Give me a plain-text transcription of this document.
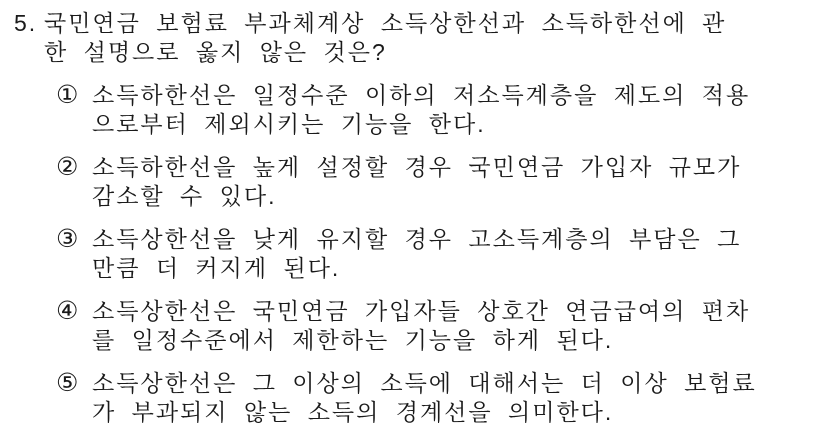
5. 국민연금 보험료 부과체계상 소득상한선과 소득하한선에 관
한 설명으로 옳지 않은 것은?
① 소득하한선은 일정수준 이하의 저소득계층을 제도의 적용
으로부터 제외시키는 기능을 한다.
② 소득하한선을 높게 설정할 경우 국민연금 가입자 규모가
감소할 수 있다.
③ 소득상한선을 낮게 유지할 경우 고소득계층의 부담은 그
만큼 더 커지게 된다.
④ 소득상한선은 국민연금 가입자들 상호간 연금급여의 편차
를 일정수준에서 제한하는 기능을 하게 된다.
⑤ 소득상한선은 그 이상의 소득에 대해서는 더 이상 보험료
가 부과되지 않는 소득의 경계선을 의미한다.
